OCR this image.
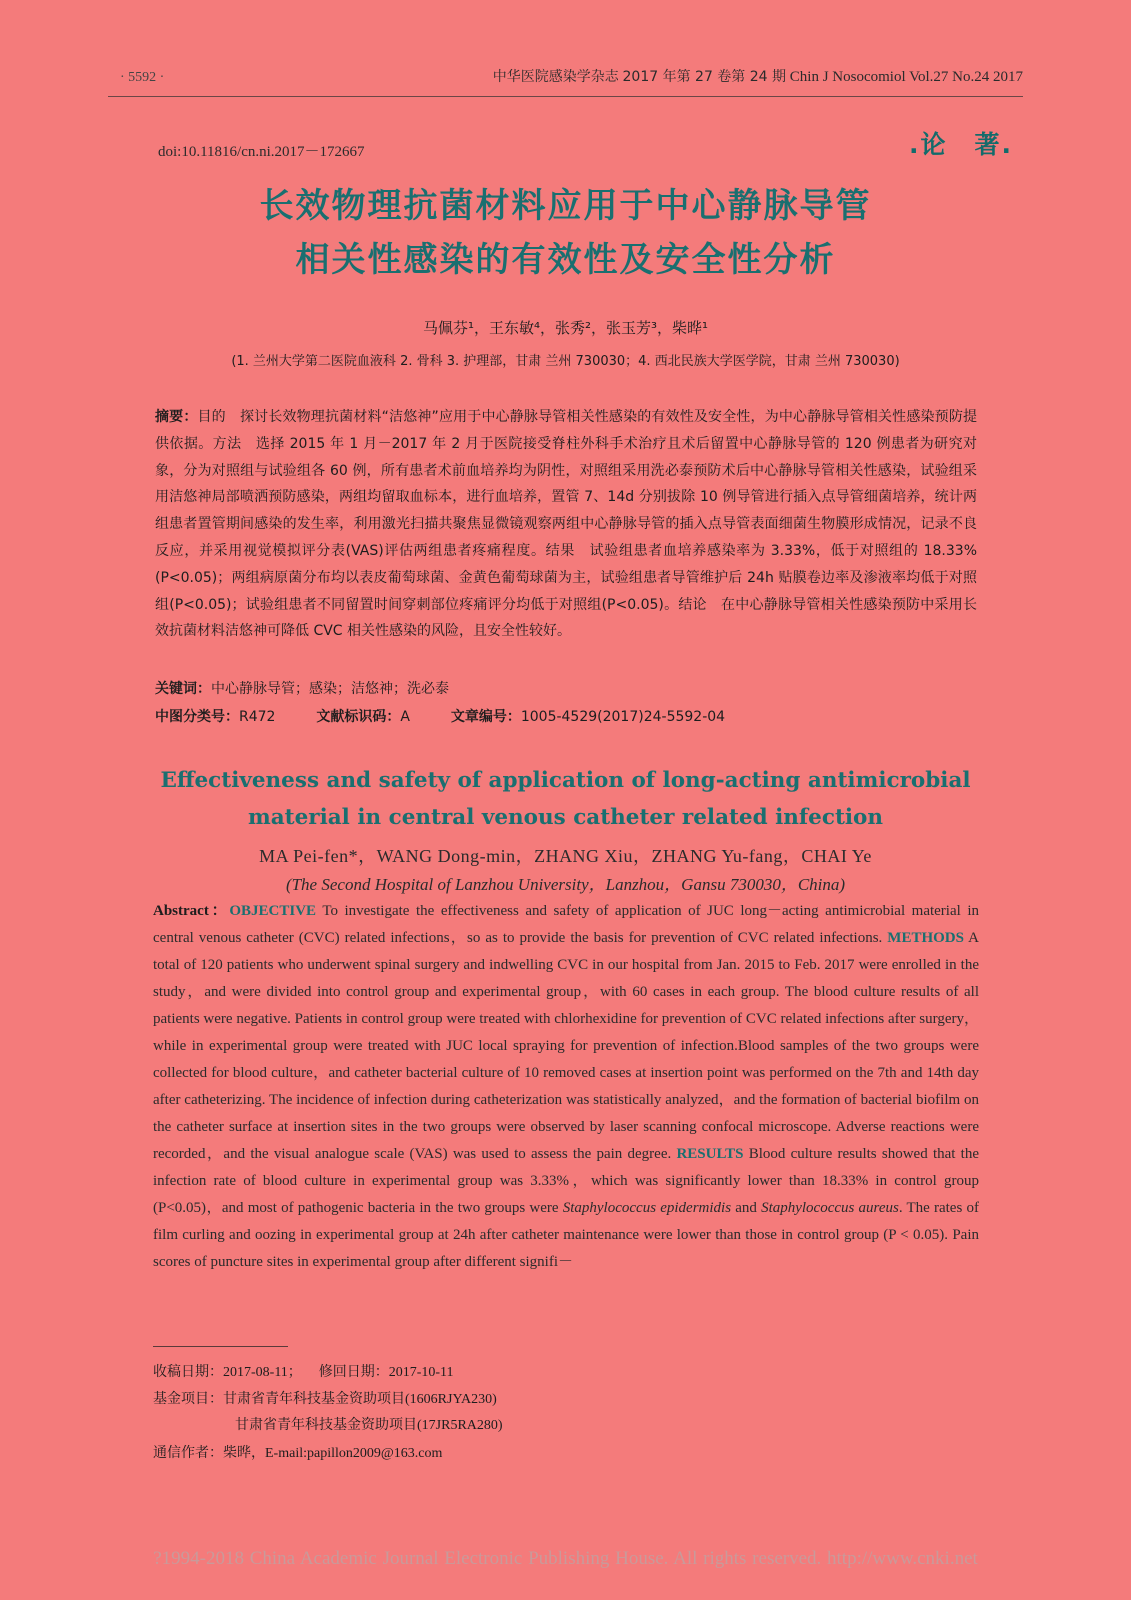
· 5592 ·	中华医院感染学杂志 2017 年第 27 卷第 24 期 Chin J Nosocomiol Vol.27 No.24 2017
doi:10.11816/cn.ni.2017－172667	.论　著.
长效物理抗菌材料应用于中心静脉导管
相关性感染的有效性及安全性分析
马佩芬¹，王东敏⁴，张秀²，张玉芳³，柴晔¹
(1. 兰州大学第二医院血液科 2. 骨科 3. 护理部，甘肃 兰州 730030；4. 西北民族大学医学院，甘肃 兰州 730030)
摘要：目的　探讨长效物理抗菌材料“洁悠神”应用于中心静脉导管相关性感染的有效性及安全性，为中心静脉导管相关性感染预防提供依据。方法　选择 2015 年 1 月－2017 年 2 月于医院接受脊柱外科手术治疗且术后留置中心静脉导管的 120 例患者为研究对象，分为对照组与试验组各 60 例，所有患者术前血培养均为阴性，对照组采用洗必泰预防术后中心静脉导管相关性感染，试验组采用洁悠神局部喷洒预防感染，两组均留取血标本，进行血培养，置管 7、14d 分别拔除 10 例导管进行插入点导管细菌培养，统计两组患者置管期间感染的发生率，利用激光扫描共聚焦显微镜观察两组中心静脉导管的插入点导管表面细菌生物膜形成情况，记录不良反应，并采用视觉模拟评分表(VAS)评估两组患者疼痛程度。结果　试验组患者血培养感染率为 3.33%，低于对照组的 18.33% (P<0.05)；两组病原菌分布均以表皮葡萄球菌、金黄色葡萄球菌为主，试验组患者导管维护后 24h 贴膜卷边率及渗液率均低于对照组(P<0.05)；试验组患者不同留置时间穿刺部位疼痛评分均低于对照组(P<0.05)。结论　在中心静脉导管相关性感染预防中采用长效抗菌材料洁悠神可降低 CVC 相关性感染的风险，且安全性较好。
关键词：中心静脉导管；感染；洁悠神；洗必泰
中图分类号：R472	文献标识码：A	文章编号：1005-4529(2017)24-5592-04
Effectiveness and safety of application of long-acting antimicrobial
material in central venous catheter related infection
MA Pei-fen*，WANG Dong-min，ZHANG Xiu，ZHANG Yu-fang，CHAI Ye
(The Second Hospital of Lanzhou University，Lanzhou，Gansu 730030，China)
Abstract：OBJECTIVE To investigate the effectiveness and safety of application of JUC long－acting antimicrobial material in central venous catheter (CVC) related infections，so as to provide the basis for prevention of CVC related infections. METHODS A total of 120 patients who underwent spinal surgery and indwelling CVC in our hospital from Jan. 2015 to Feb. 2017 were enrolled in the study，and were divided into control group and experimental group，with 60 cases in each group. The blood culture results of all patients were negative. Patients in control group were treated with chlorhexidine for prevention of CVC related infections after surgery，while in experimental group were treated with JUC local spraying for prevention of infection.Blood samples of the two groups were collected for blood culture，and catheter bacterial culture of 10 removed cases at insertion point was performed on the 7th and 14th day after catheterizing. The incidence of infection during catheterization was statistically analyzed，and the formation of bacterial biofilm on the catheter surface at insertion sites in the two groups were observed by laser scanning confocal microscope. Adverse reactions were recorded，and the visual analogue scale (VAS) was used to assess the pain degree. RESULTS Blood culture results showed that the infection rate of blood culture in experimental group was 3.33%，which was significantly lower than 18.33% in control group (P<0.05)，and most of pathogenic bacteria in the two groups were Staphylococcus epidermidis and Staphylococcus aureus. The rates of film curling and oozing in experimental group at 24h after catheter maintenance were lower than those in control group (P < 0.05). Pain scores of puncture sites in experimental group after different signifi－
收稿日期：2017-08-11； 修回日期：2017-10-11
基金项目：甘肃省青年科技基金资助项目(1606RJYA230)
甘肃省青年科技基金资助项目(17JR5RA280)
通信作者：柴晔，E-mail:papillon2009@163.com
?1994-2018 China Academic Journal Electronic Publishing House. All rights reserved. http://www.cnki.net
